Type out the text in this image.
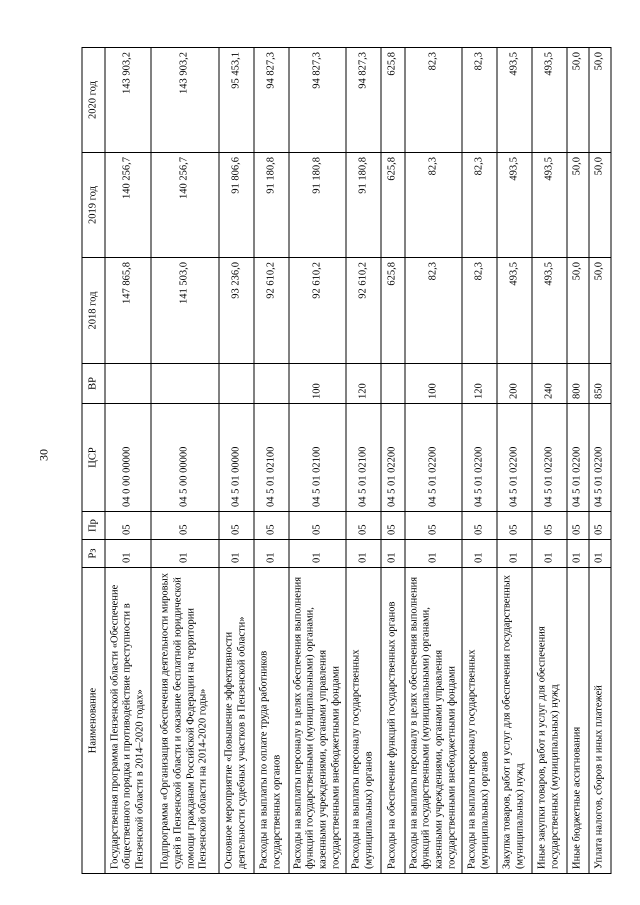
30
Наименование	Рз	Пр	ЦСР	ВР	2018 год	2019 год	2020 год
Государственная программа Пензенской области «Обеспечение общественного порядка и противодействие преступности в Пензенской области в 2014–2020 годах»	01	05	04 0 00 00000		147 865,8	140 256,7	143 903,2
Подпрограмма «Организация обеспечения деятельности мировых судей в Пензенской области и оказание бесплатной юридической помощи гражданам Российской Федерации на территории Пензенской области на 2014-2020 годы»	01	05	04 5 00 00000		141 503,0	140 256,7	143 903,2
Основное мероприятие «Повышение эффективности деятельности судебных участков в Пензенской области»	01	05	04 5 01 00000		93 236,0	91 806,6	95 453,1
Расходы на выплаты по оплате труда работников государственных органов	01	05	04 5 01 02100		92 610,2	91 180,8	94 827,3
Расходы на выплаты персоналу в целях обеспечения выполнения функций государственными (муниципальными) органами, казенными учреждениями, органами управления государственными внебюджетными фондами	01	05	04 5 01 02100	100	92 610,2	91 180,8	94 827,3
Расходы на выплаты персоналу государственных (муниципальных) органов	01	05	04 5 01 02100	120	92 610,2	91 180,8	94 827,3
Расходы на обеспечение функций государственных органов	01	05	04 5 01 02200		625,8	625,8	625,8
Расходы на выплаты персоналу в целях обеспечения выполнения функций государственными (муниципальными) органами, казенными учреждениями, органами управления государственными внебюджетными фондами	01	05	04 5 01 02200	100	82,3	82,3	82,3
Расходы на выплаты персоналу государственных (муниципальных) органов	01	05	04 5 01 02200	120	82,3	82,3	82,3
Закупка товаров, работ и услуг для обеспечения государственных (муниципальных) нужд	01	05	04 5 01 02200	200	493,5	493,5	493,5
Иные закупки товаров, работ и услуг для обеспечения государственных (муниципальных) нужд	01	05	04 5 01 02200	240	493,5	493,5	493,5
Иные бюджетные ассигнования	01	05	04 5 01 02200	800	50,0	50,0	50,0
Уплата налогов, сборов и иных платежей	01	05	04 5 01 02200	850	50,0	50,0	50,0
